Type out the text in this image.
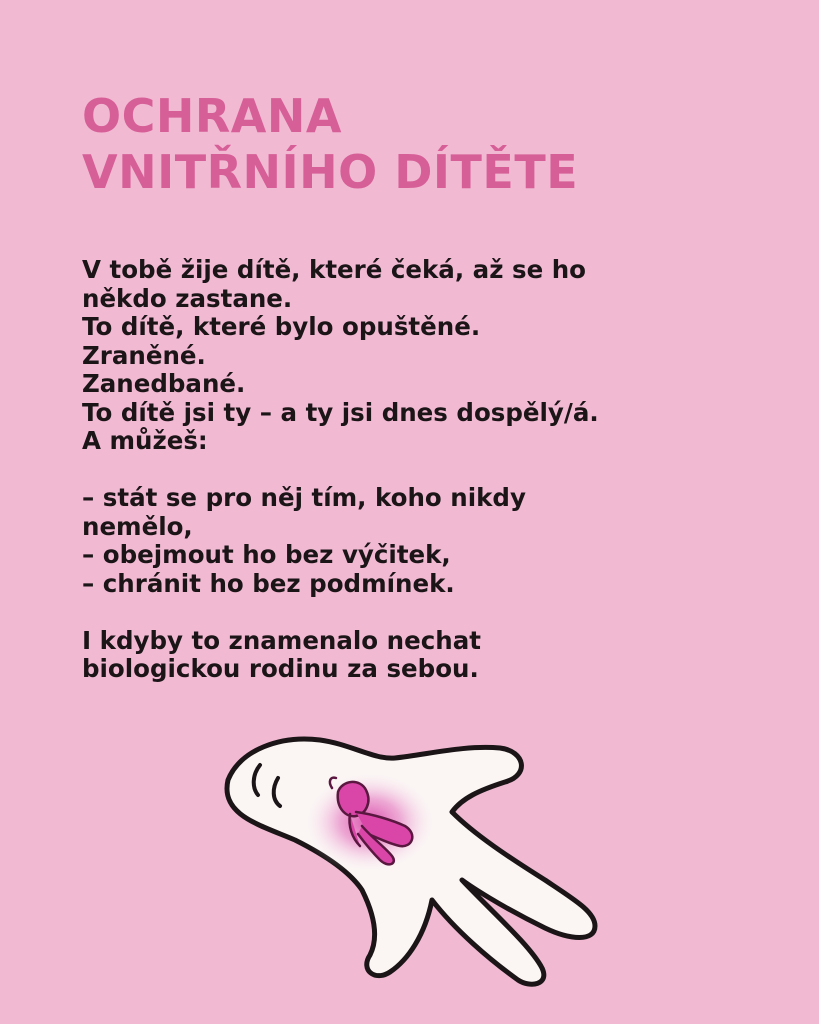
OCHRANA
VNITŘNÍHO DÍTĚTE
V tobě žije dítě, které čeká, až se ho
někdo zastane.
To dítě, které bylo opuštěné.
Zraněné.
Zanedbané.
To dítě jsi ty – a ty jsi dnes dospělý/á.
A můžeš:
– stát se pro něj tím, koho nikdy
nemělo,
– obejmout ho bez výčitek,
– chránit ho bez podmínek.
I kdyby to znamenalo nechat
biologickou rodinu za sebou.
